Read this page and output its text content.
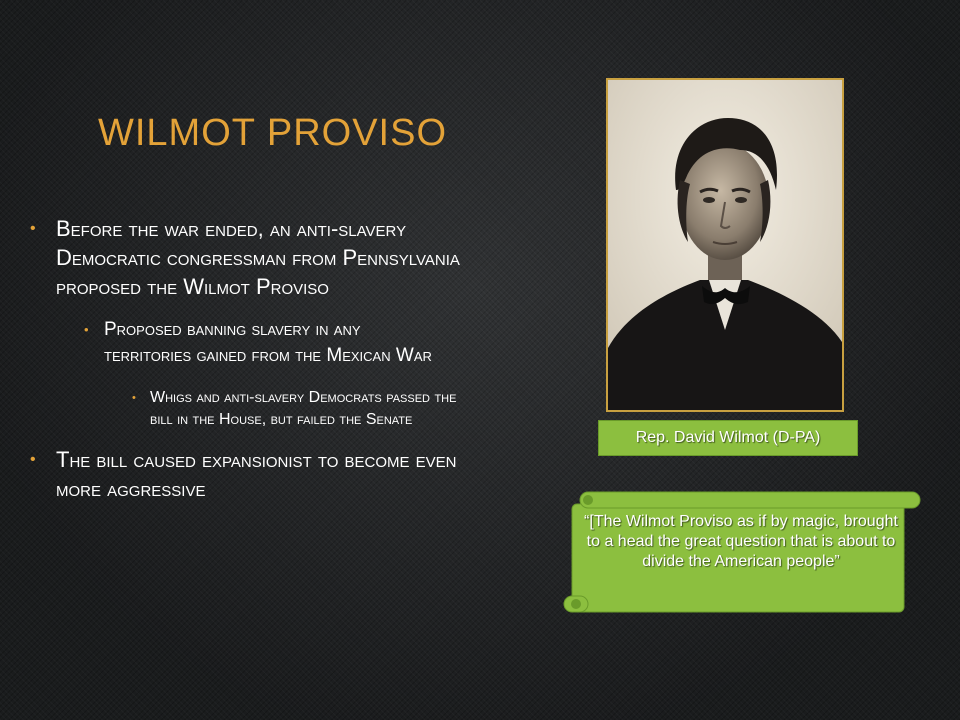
WILMOT PROVISO
• Before the war ended, an anti-slavery Democratic congressman from Pennsylvania proposed the Wilmot Proviso
• Proposed banning slavery in any territories gained from the Mexican War
• Whigs and anti-slavery Democrats passed the bill in the House, but failed the Senate
• The bill caused expansionist to become even more aggressive
Rep. David Wilmot (D-PA)
“[The Wilmot Proviso as if by magic, brought to a head the great question that is about to divide the American people”
